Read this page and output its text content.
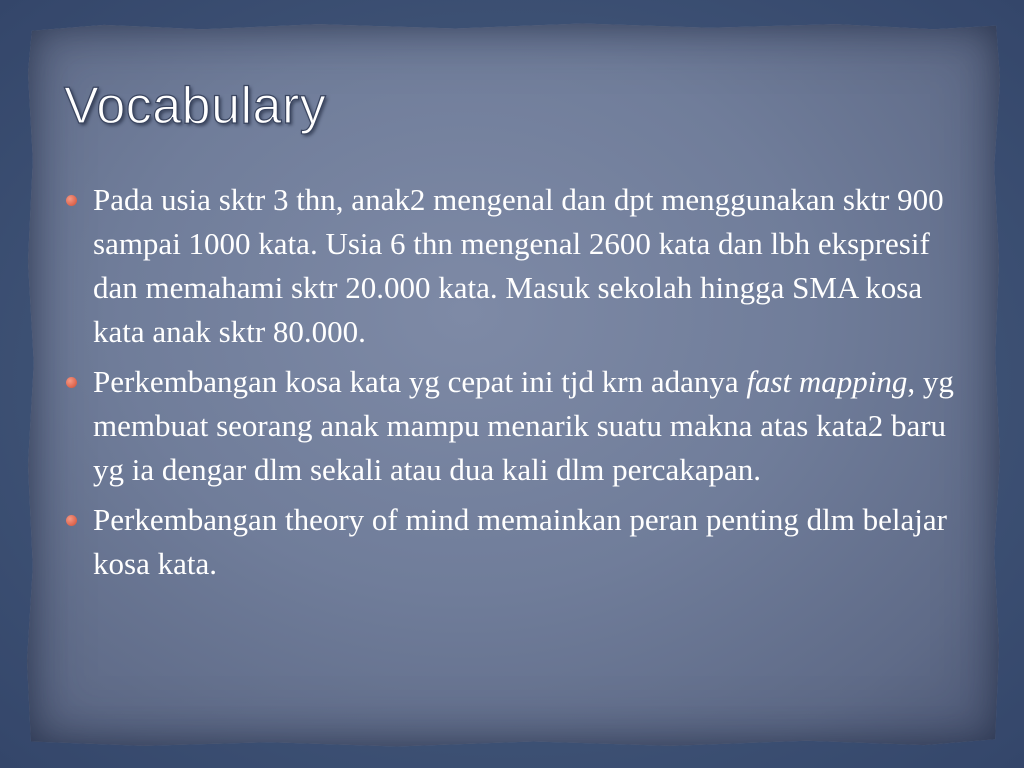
Vocabulary
Pada usia sktr 3 thn, anak2 mengenal dan dpt menggunakan sktr 900 sampai 1000 kata. Usia 6 thn mengenal 2600 kata dan lbh ekspresif dan memahami sktr 20.000 kata. Masuk sekolah hingga SMA kosa kata anak sktr 80.000.
Perkembangan kosa kata yg cepat ini tjd krn adanya fast mapping, yg membuat seorang anak mampu menarik suatu makna atas kata2 baru yg ia dengar dlm sekali atau dua kali dlm percakapan.
Perkembangan theory of mind memainkan peran penting dlm belajar kosa kata.
